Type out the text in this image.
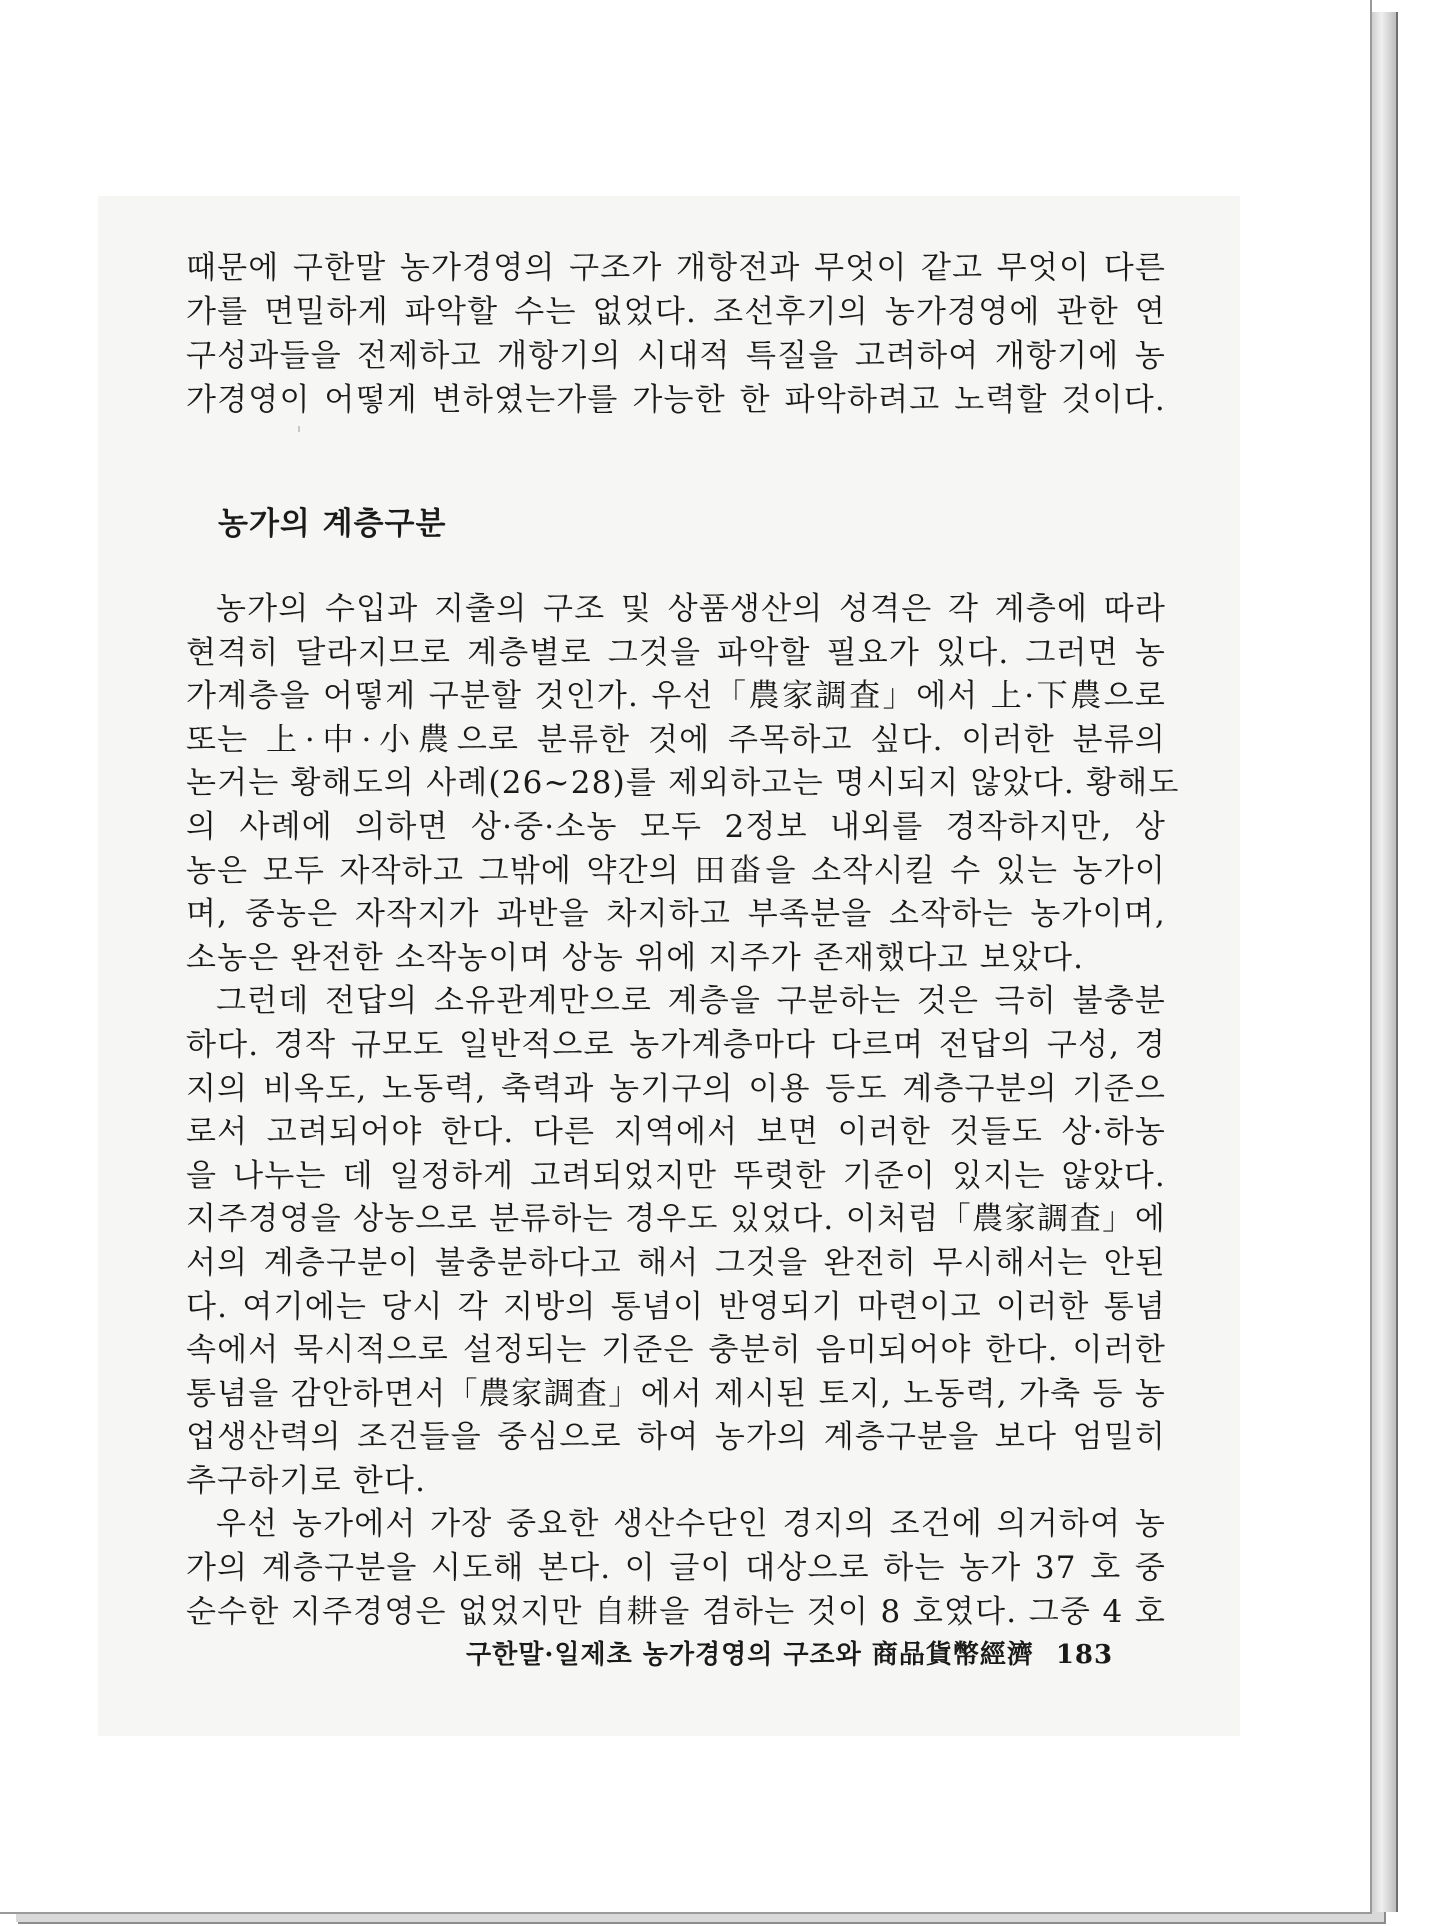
때문에 구한말 농가경영의 구조가 개항전과 무엇이 같고 무엇이 다른
가를 면밀하게 파악할 수는 없었다. 조선후기의 농가경영에 관한 연
구성과들을 전제하고 개항기의 시대적 특질을 고려하여 개항기에 농
가경영이 어떻게 변하였는가를 가능한 한 파악하려고 노력할 것이다.
농가의 계층구분
농가의 수입과 지출의 구조 및 상품생산의 성격은 각 계층에 따라
현격히 달라지므로 계층별로 그것을 파악할 필요가 있다. 그러면 농
가계층을 어떻게 구분할 것인가. 우선「農家調査」에서 上·下農으로
또는 上·中·小農으로 분류한 것에 주목하고 싶다. 이러한 분류의
논거는 황해도의 사례(26~28)를 제외하고는 명시되지 않았다. 황해도
의 사례에 의하면 상·중·소농 모두 2정보 내외를 경작하지만, 상
농은 모두 자작하고 그밖에 약간의 田畓을 소작시킬 수 있는 농가이
며, 중농은 자작지가 과반을 차지하고 부족분을 소작하는 농가이며,
소농은 완전한 소작농이며 상농 위에 지주가 존재했다고 보았다.
그런데 전답의 소유관계만으로 계층을 구분하는 것은 극히 불충분
하다. 경작 규모도 일반적으로 농가계층마다 다르며 전답의 구성, 경
지의 비옥도, 노동력, 축력과 농기구의 이용 등도 계층구분의 기준으
로서 고려되어야 한다. 다른 지역에서 보면 이러한 것들도 상·하농
을 나누는 데 일정하게 고려되었지만 뚜렷한 기준이 있지는 않았다.
지주경영을 상농으로 분류하는 경우도 있었다. 이처럼「農家調査」에
서의 계층구분이 불충분하다고 해서 그것을 완전히 무시해서는 안된
다. 여기에는 당시 각 지방의 통념이 반영되기 마련이고 이러한 통념
속에서 묵시적으로 설정되는 기준은 충분히 음미되어야 한다. 이러한
통념을 감안하면서「農家調査」에서 제시된 토지, 노동력, 가축 등 농
업생산력의 조건들을 중심으로 하여 농가의 계층구분을 보다 엄밀히
추구하기로 한다.
우선 농가에서 가장 중요한 생산수단인 경지의 조건에 의거하여 농
가의 계층구분을 시도해 본다. 이 글이 대상으로 하는 농가 37 호 중
순수한 지주경영은 없었지만 自耕을 겸하는 것이 8 호였다. 그중 4 호
구한말·일제초 농가경영의 구조와 商品貨幣經濟 183
